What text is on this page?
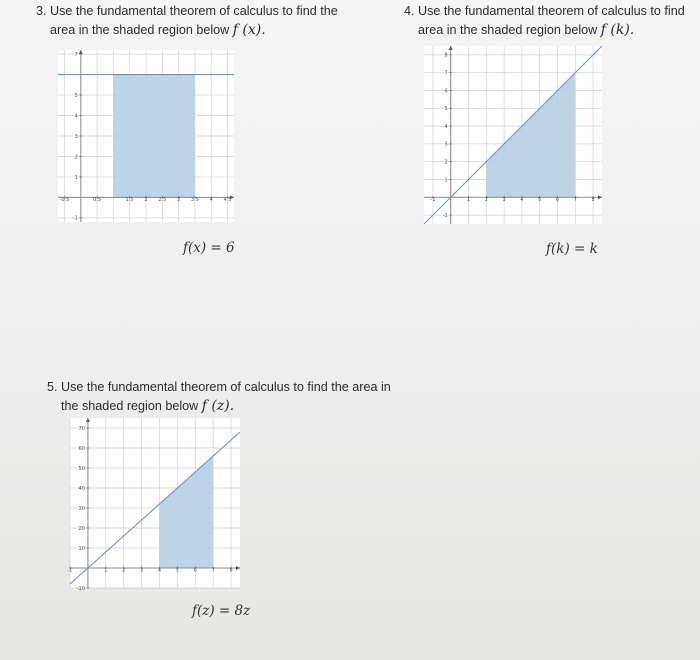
3. Use the fundamental theorem of calculus to find the
area in the shaded region below f (x).

-0.5	0.5	1.5 2 2.5 3 3.5 4 4.5
7
5
4
3
2
1
-1
f(x) = 6

4. Use the fundamental theorem of calculus to find
area in the shaded region below f (k).

-1	1	2	3	4	5	6	7	8
8
7
6
5
4
3
2
1
-1
f(k) = k

5. Use the fundamental theorem of calculus to find the area in
the shaded region below f (z).

-1	1	2	3	4	5	6	7	8
70
60
50
40
30
20
10
-10
f(z) = 8z
